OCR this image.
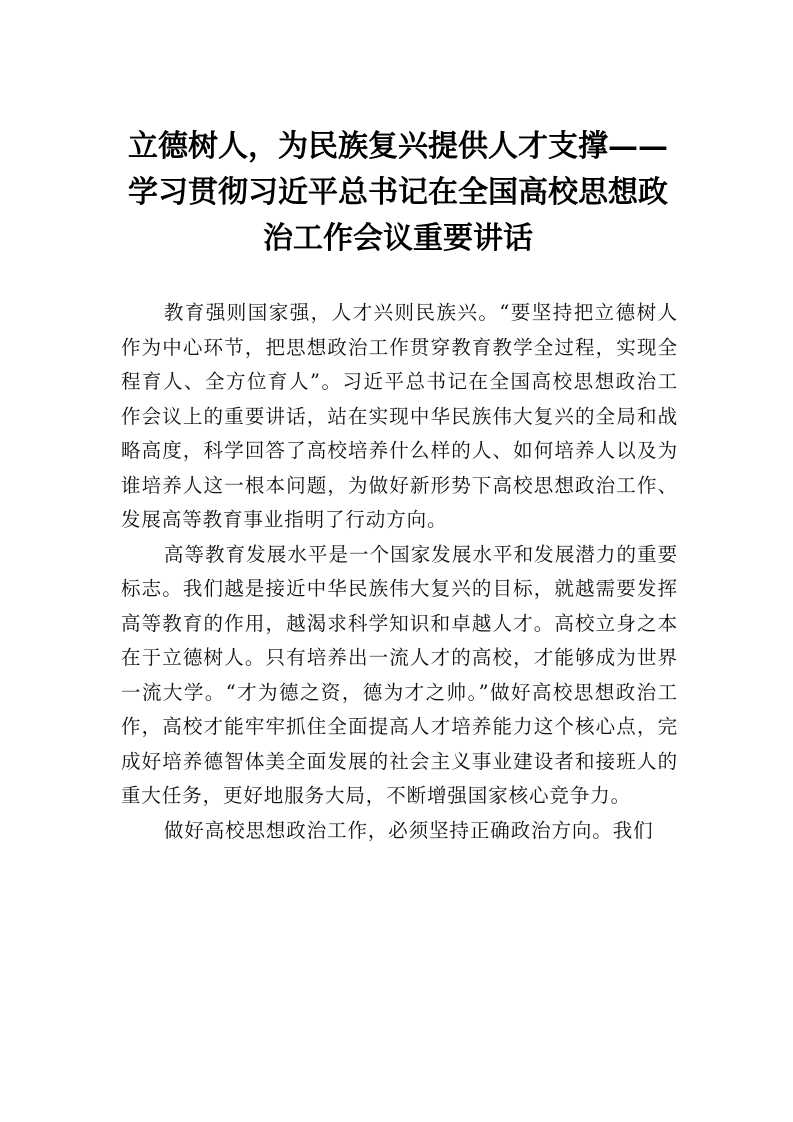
立德树人，为民族复兴提供人才支撑——学习贯彻习近平总书记在全国高校思想政治工作会议重要讲话

教育强则国家强，人才兴则民族兴。“要坚持把立德树人作为中心环节，把思想政治工作贯穿教育教学全过程，实现全程育人、全方位育人”。习近平总书记在全国高校思想政治工作会议上的重要讲话，站在实现中华民族伟大复兴的全局和战略高度，科学回答了高校培养什么样的人、如何培养人以及为谁培养人这一根本问题，为做好新形势下高校思想政治工作、发展高等教育事业指明了行动方向。

高等教育发展水平是一个国家发展水平和发展潜力的重要标志。我们越是接近中华民族伟大复兴的目标，就越需要发挥高等教育的作用，越渴求科学知识和卓越人才。高校立身之本在于立德树人。只有培养出一流人才的高校，才能够成为世界一流大学。“才为德之资，德为才之帅。”做好高校思想政治工作，高校才能牢牢抓住全面提高人才培养能力这个核心点，完成好培养德智体美全面发展的社会主义事业建设者和接班人的重大任务，更好地服务大局，不断增强国家核心竞争力。

做好高校思想政治工作，必须坚持正确政治方向。我们
